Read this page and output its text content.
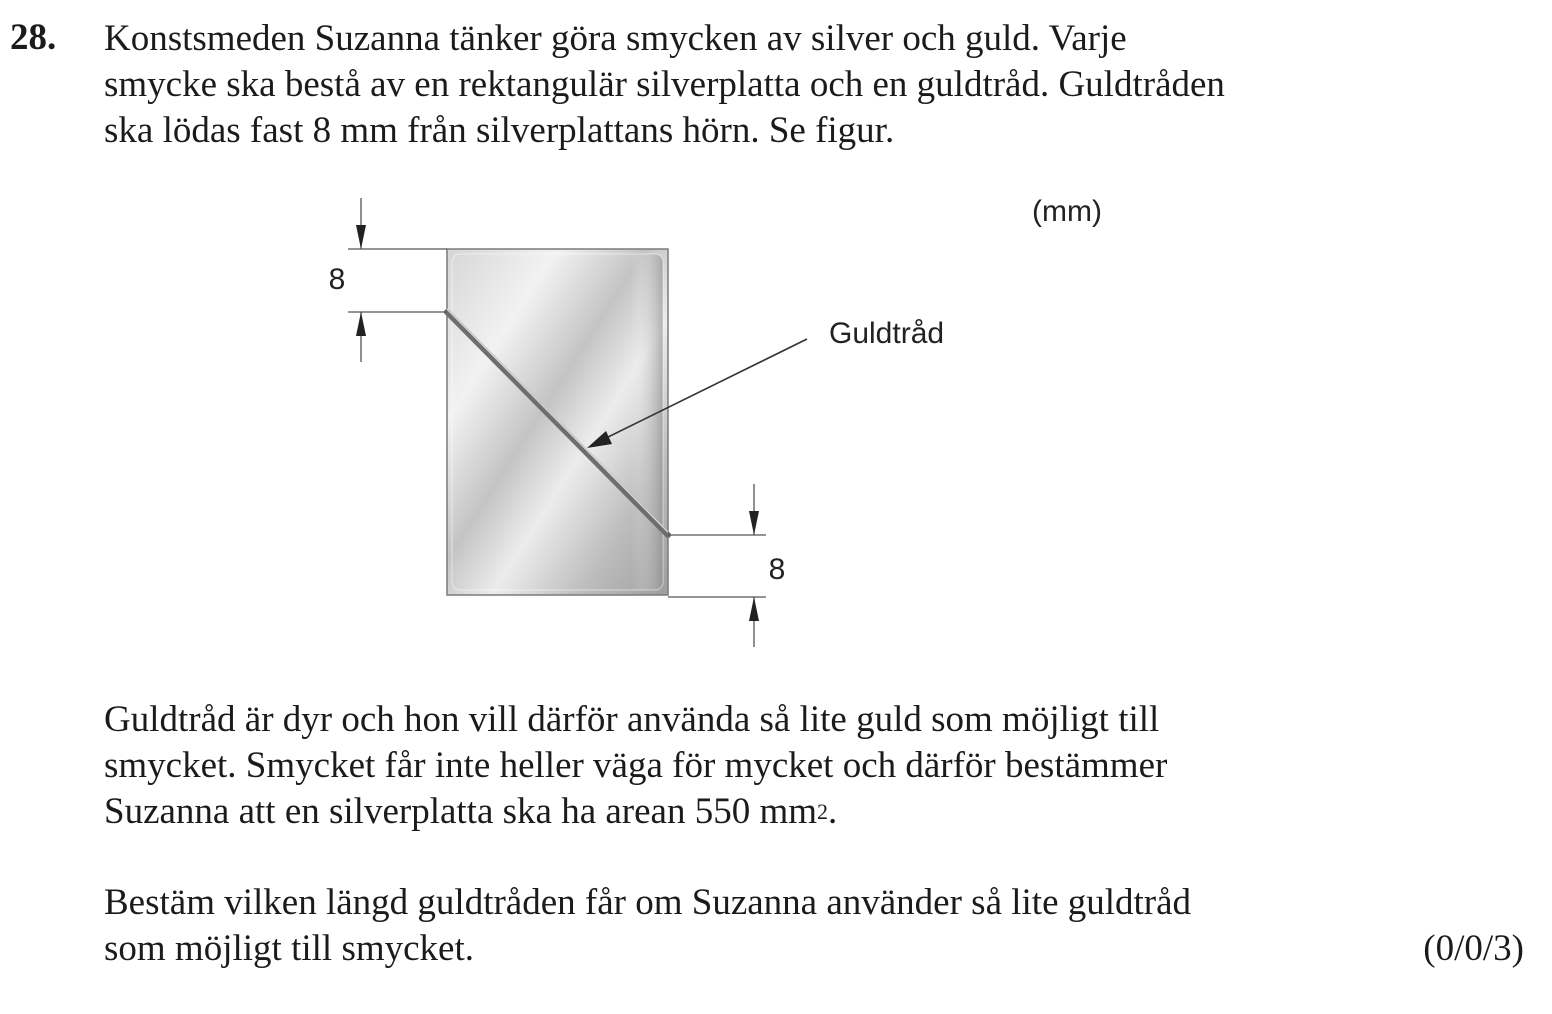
28. Konstsmeden Suzanna tänker göra smycken av silver och guld. Varje
smycke ska bestå av en rektangulär silverplatta och en guldtråd. Guldtråden
ska lödas fast 8 mm från silverplattans hörn. Se figur.
8
8
Guldtråd
(mm)
Guldtråd är dyr och hon vill därför använda så lite guld som möjligt till
smycket. Smycket får inte heller väga för mycket och därför bestämmer
Suzanna att en silverplatta ska ha arean 550 $mm^2$.
Bestäm vilken längd guldtråden får om Suzanna använder så lite guldtråd
som möjligt till smycket.	(0/0/3)
